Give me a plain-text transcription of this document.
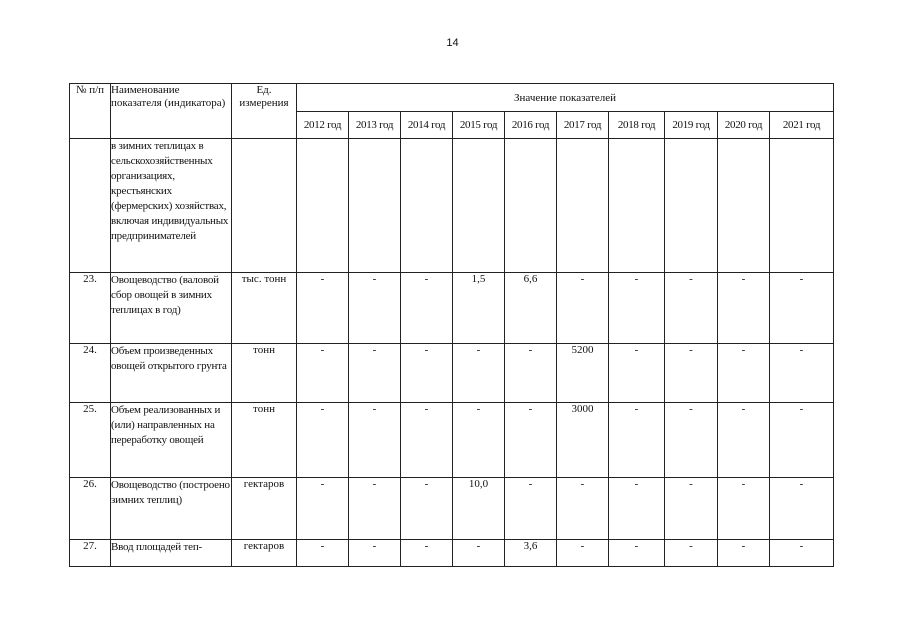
14
№ п/п	Наименование показателя (индикатора)	Ед. измерения	Значение показателей									
			2012 год	2013 год	2014 год	2015 год	2016 год	2017 год	2018 год	2019 год	2020 год	2021 год
	в зимних теплицах в сельскохозяйственных организациях, крестьянских (фермерских) хозяйствах, включая индивидуальных предпринимателей											
23.	Овощеводство (валовой сбор овощей в зимних теплицах в год)	тыс. тонн	-	-	-	1,5	6,6	-	-	-	-	-
24.	Объем произведенных овощей открытого грунта	тонн	-	-	-	-	-	5200	-	-	-	-
25.	Объем реализованных и (или) направленных на переработку овощей	тонн	-	-	-	-	-	3000	-	-	-	-
26.	Овощеводство (построено зимних теплиц)	гектаров	-	-	-	10,0	-	-	-	-	-	-
27.	Ввод площадей теп-	гектаров	-	-	-	-	3,6	-	-	-	-	-
